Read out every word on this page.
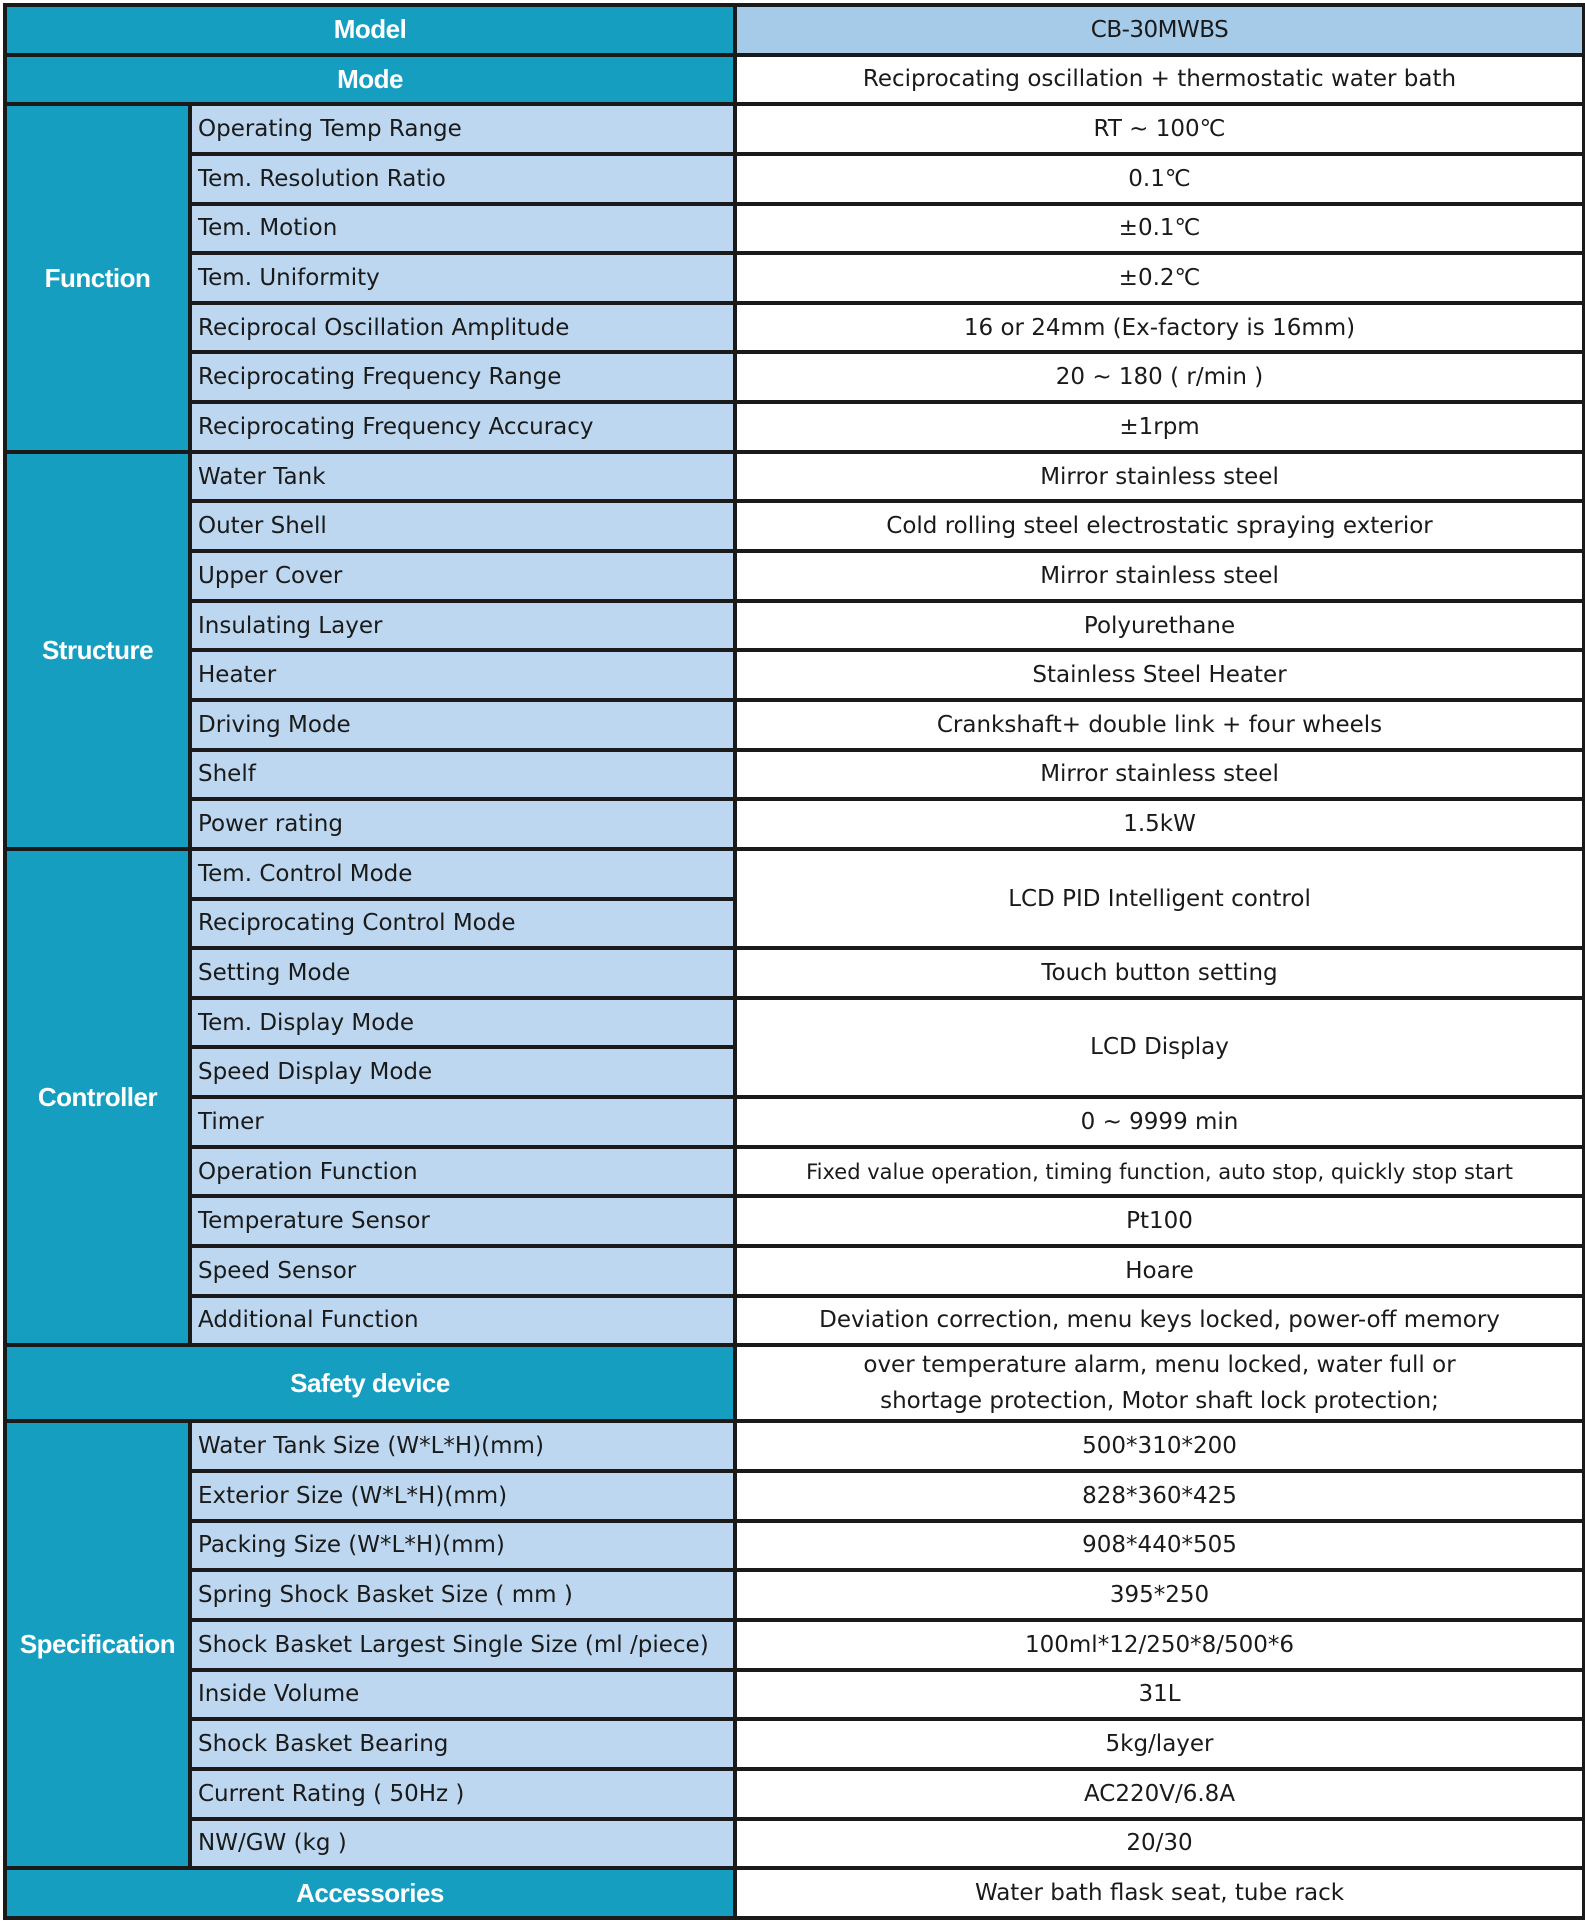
Model		CB-30MWBS
Mode		Reciprocating oscillation + thermostatic water bath
Function	Operating Temp Range	RT ~ 100℃
	Tem. Resolution Ratio	0.1℃
	Tem. Motion	±0.1℃
	Tem. Uniformity	±0.2℃
	Reciprocal Oscillation Amplitude	16 or 24mm (Ex-factory is 16mm)
	Reciprocating Frequency Range	20 ~ 180 ( r/min )
	Reciprocating Frequency Accuracy	±1rpm
Structure	Water Tank	Mirror stainless steel
	Outer Shell	Cold rolling steel electrostatic spraying exterior
	Upper Cover	Mirror stainless steel
	Insulating Layer	Polyurethane
	Heater	Stainless Steel Heater
	Driving Mode	Crankshaft+ double link + four wheels
	Shelf	Mirror stainless steel
	Power rating	1.5kW
Controller	Tem. Control Mode	LCD PID Intelligent control
	Reciprocating Control Mode	
	Setting Mode	Touch button setting
	Tem. Display Mode	LCD Display
	Speed Display Mode	
	Timer	0 ~ 9999 min
	Operation Function	Fixed value operation, timing function, auto stop, quickly stop start
	Temperature Sensor	Pt100
	Speed Sensor	Hoare
	Additional Function	Deviation correction, menu keys locked, power-off memory
Safety device		over temperature alarm, menu locked, water full or
shortage protection, Motor shaft lock protection;

Specification	Water Tank Size (W*L*H)(mm)	500*310*200
	Exterior Size (W*L*H)(mm)	828*360*425
	Packing Size (W*L*H)(mm)	908*440*505
	Spring Shock Basket Size ( mm )	395*250
	Shock Basket Largest Single Size (ml /piece)	100ml*12/250*8/500*6
	Inside Volume	31L
	Shock Basket Bearing	5kg/layer
	Current Rating ( 50Hz )	AC220V/6.8A
	NW/GW (kg )	20/30
Accessories		Water bath flask seat, tube rack
